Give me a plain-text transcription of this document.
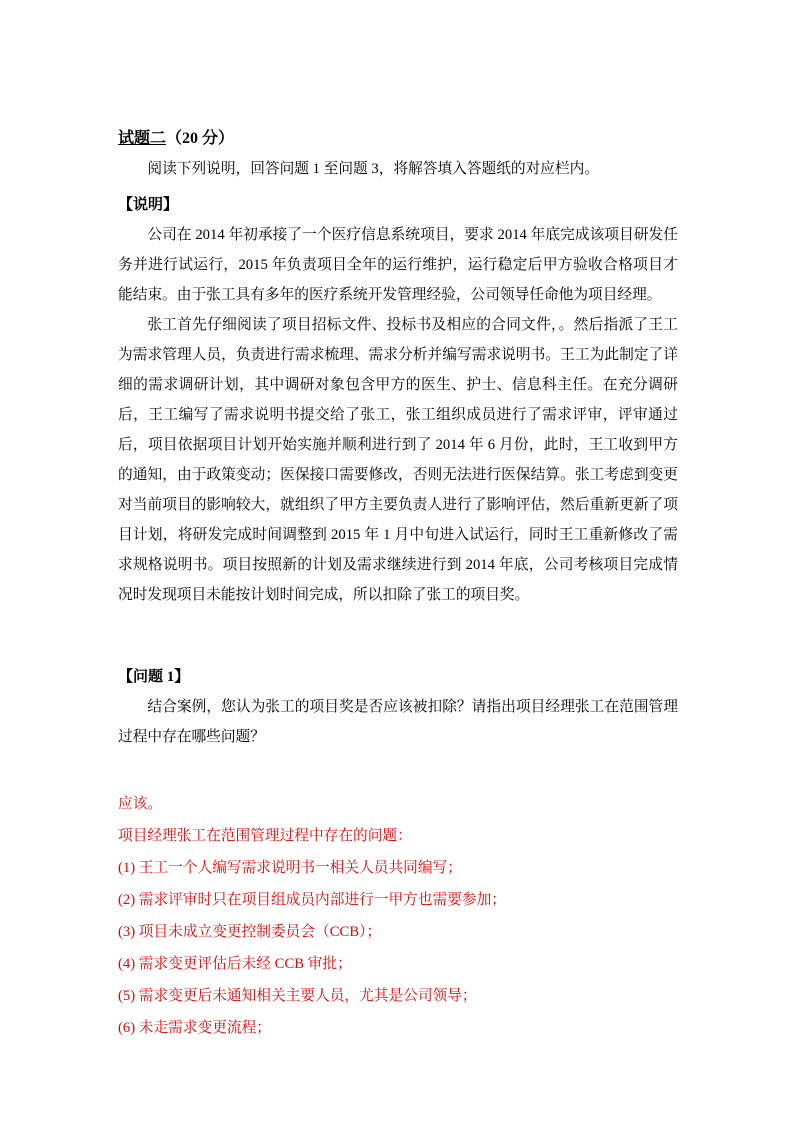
试题二（20 分）

阅读下列说明，回答问题 1 至问题 3，将解答填入答题纸的对应栏内。

【说明】

公司在 2014 年初承接了一个医疗信息系统项目，要求 2014 年底完成该项目研发任务并进行试运行，2015 年负责项目全年的运行维护，运行稳定后甲方验收合格项目才能结束。由于张工具有多年的医疗系统开发管理经验，公司领导任命他为项目经理。

张工首先仔细阅读了项目招标文件、投标书及相应的合同文件，。然后指派了王工为需求管理人员，负责进行需求梳理、需求分析并编写需求说明书。王工为此制定了详细的需求调研计划，其中调研对象包含甲方的医生、护士、信息科主任。在充分调研后，王工编写了需求说明书提交给了张工，张工组织成员进行了需求评审，评审通过后，项目依据项目计划开始实施并顺利进行到了 2014 年 6 月份，此时，王工收到甲方的通知，由于政策变动；医保接口需要修改，否则无法进行医保结算。张工考虑到变更对当前项目的影响较大，就组织了甲方主要负责人进行了影响评估，然后重新更新了项目计划，将研发完成时间调整到 2015 年 1 月中旬进入试运行，同时王工重新修改了需求规格说明书。项目按照新的计划及需求继续进行到 2014 年底，公司考核项目完成情况时发现项目未能按计划时间完成，所以扣除了张工的项目奖。

【问题 1】

结合案例，您认为张工的项目奖是否应该被扣除？请指出项目经理张工在范围管理过程中存在哪些问题？

应该。

项目经理张工在范围管理过程中存在的问题：

(1) 王工一个人编写需求说明书一相关人员共同编写；

(2) 需求评审时只在项目组成员内部进行一甲方也需要参加；

(3) 项目未成立变更控制委员会（CCB）；

(4) 需求变更评估后未经 CCB 审批；

(5) 需求变更后未通知相关主要人员，尤其是公司领导；

(6) 未走需求变更流程；
